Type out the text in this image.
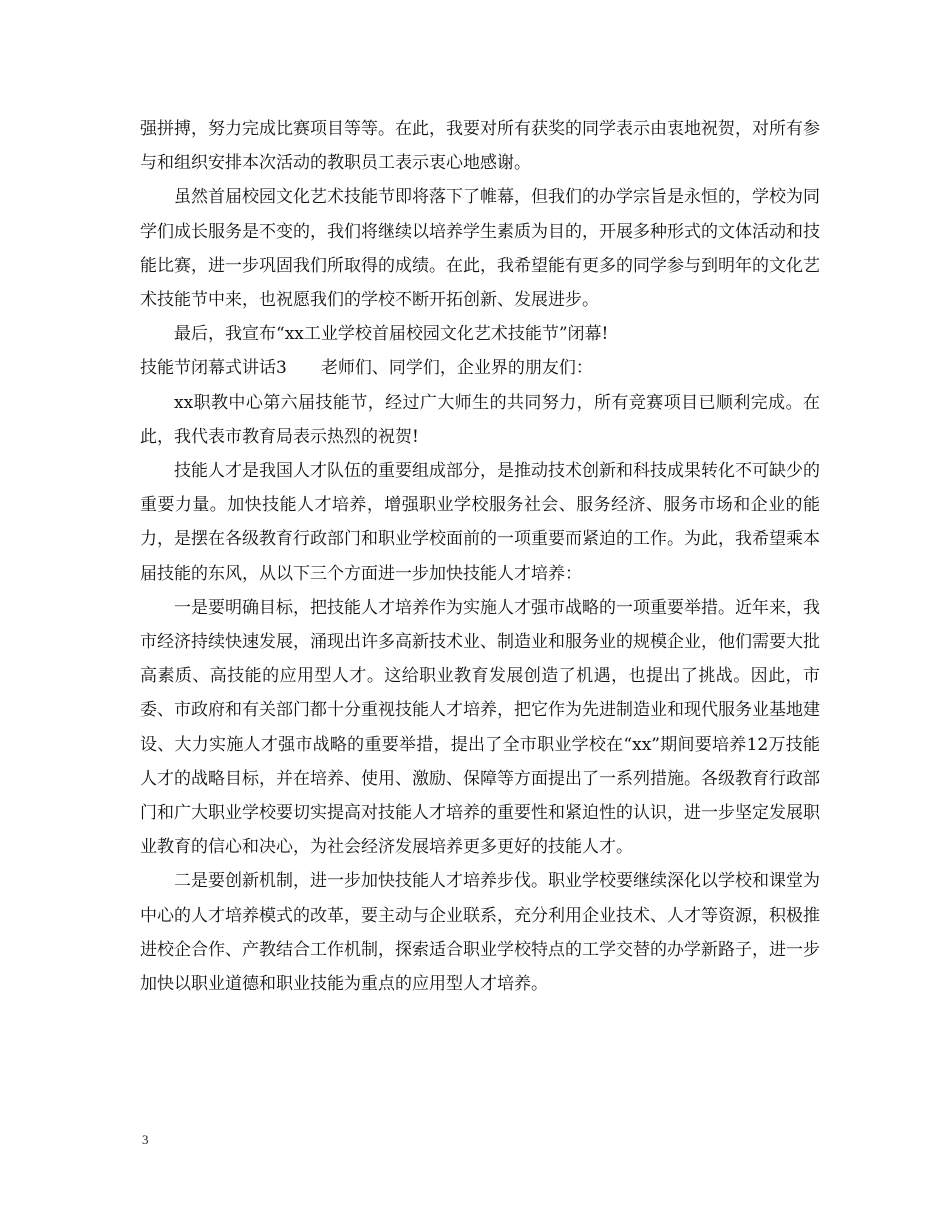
强拼搏，努力完成比赛项目等等。在此，我要对所有获奖的同学表示由衷地祝贺，对所有参与和组织安排本次活动的教职员工表示衷心地感谢。

虽然首届校园文化艺术技能节即将落下了帷幕，但我们的办学宗旨是永恒的，学校为同学们成长服务是不变的，我们将继续以培养学生素质为目的，开展多种形式的文体活动和技能比赛，进一步巩固我们所取得的成绩。在此，我希望能有更多的同学参与到明年的文化艺术技能节中来，也祝愿我们的学校不断开拓创新、发展进步。

最后，我宣布“xx工业学校首届校园文化艺术技能节”闭幕!

技能节闭幕式讲话3　　老师们、同学们，企业界的朋友们：

xx职教中心第六届技能节，经过广大师生的共同努力，所有竞赛项目已顺利完成。在此，我代表市教育局表示热烈的祝贺!

技能人才是我国人才队伍的重要组成部分，是推动技术创新和科技成果转化不可缺少的重要力量。加快技能人才培养，增强职业学校服务社会、服务经济、服务市场和企业的能力，是摆在各级教育行政部门和职业学校面前的一项重要而紧迫的工作。为此，我希望乘本届技能的东风，从以下三个方面进一步加快技能人才培养：

一是要明确目标，把技能人才培养作为实施人才强市战略的一项重要举措。近年来，我市经济持续快速发展，涌现出许多高新技术业、制造业和服务业的规模企业，他们需要大批高素质、高技能的应用型人才。这给职业教育发展创造了机遇，也提出了挑战。因此，市委、市政府和有关部门都十分重视技能人才培养，把它作为先进制造业和现代服务业基地建设、大力实施人才强市战略的重要举措，提出了全市职业学校在“xx”期间要培养12万技能人才的战略目标，并在培养、使用、激励、保障等方面提出了一系列措施。各级教育行政部门和广大职业学校要切实提高对技能人才培养的重要性和紧迫性的认识，进一步坚定发展职业教育的信心和决心，为社会经济发展培养更多更好的技能人才。

二是要创新机制，进一步加快技能人才培养步伐。职业学校要继续深化以学校和课堂为中心的人才培养模式的改革，要主动与企业联系，充分利用企业技术、人才等资源，积极推进校企合作、产教结合工作机制，探索适合职业学校特点的工学交替的办学新路子，进一步加快以职业道德和职业技能为重点的应用型人才培养。

3
